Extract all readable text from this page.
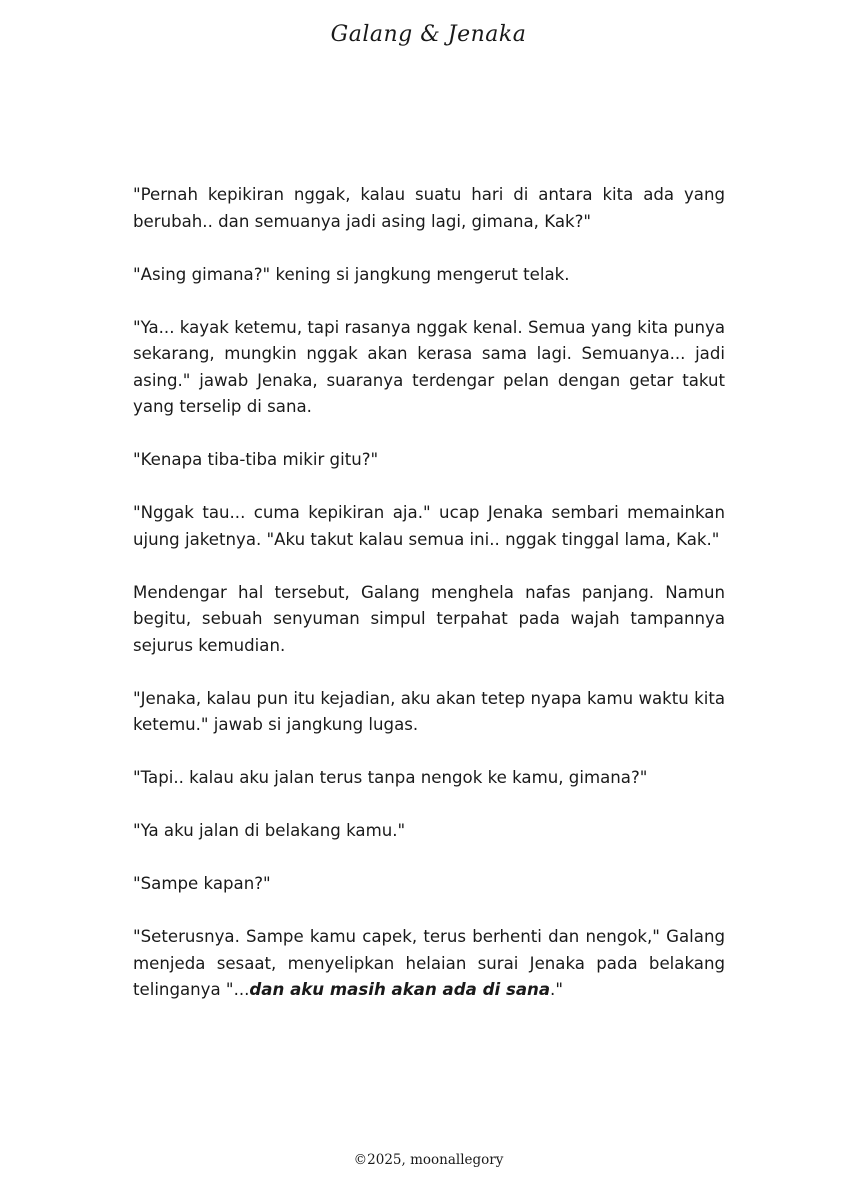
Galang & Jenaka

"Pernah kepikiran nggak, kalau suatu hari di antara kita ada yang berubah.. dan semuanya jadi asing lagi, gimana, Kak?"

"Asing gimana?" kening si jangkung mengerut telak.

"Ya... kayak ketemu, tapi rasanya nggak kenal. Semua yang kita punya sekarang, mungkin nggak akan kerasa sama lagi. Semuanya... jadi asing." jawab Jenaka, suaranya terdengar pelan dengan getar takut yang terselip di sana.

"Kenapa tiba-tiba mikir gitu?"

"Nggak tau... cuma kepikiran aja." ucap Jenaka sembari memainkan ujung jaketnya. "Aku takut kalau semua ini.. nggak tinggal lama, Kak."

Mendengar hal tersebut, Galang menghela nafas panjang. Namun begitu, sebuah senyuman simpul terpahat pada wajah tampannya sejurus kemudian.

"Jenaka, kalau pun itu kejadian, aku akan tetep nyapa kamu waktu kita ketemu." jawab si jangkung lugas.

"Tapi.. kalau aku jalan terus tanpa nengok ke kamu, gimana?"

"Ya aku jalan di belakang kamu."

"Sampe kapan?"

"Seterusnya. Sampe kamu capek, terus berhenti dan nengok," Galang menjeda sesaat, menyelipkan helaian surai Jenaka pada belakang telinganya "...dan aku masih akan ada di sana."

©2025, moonallegory
